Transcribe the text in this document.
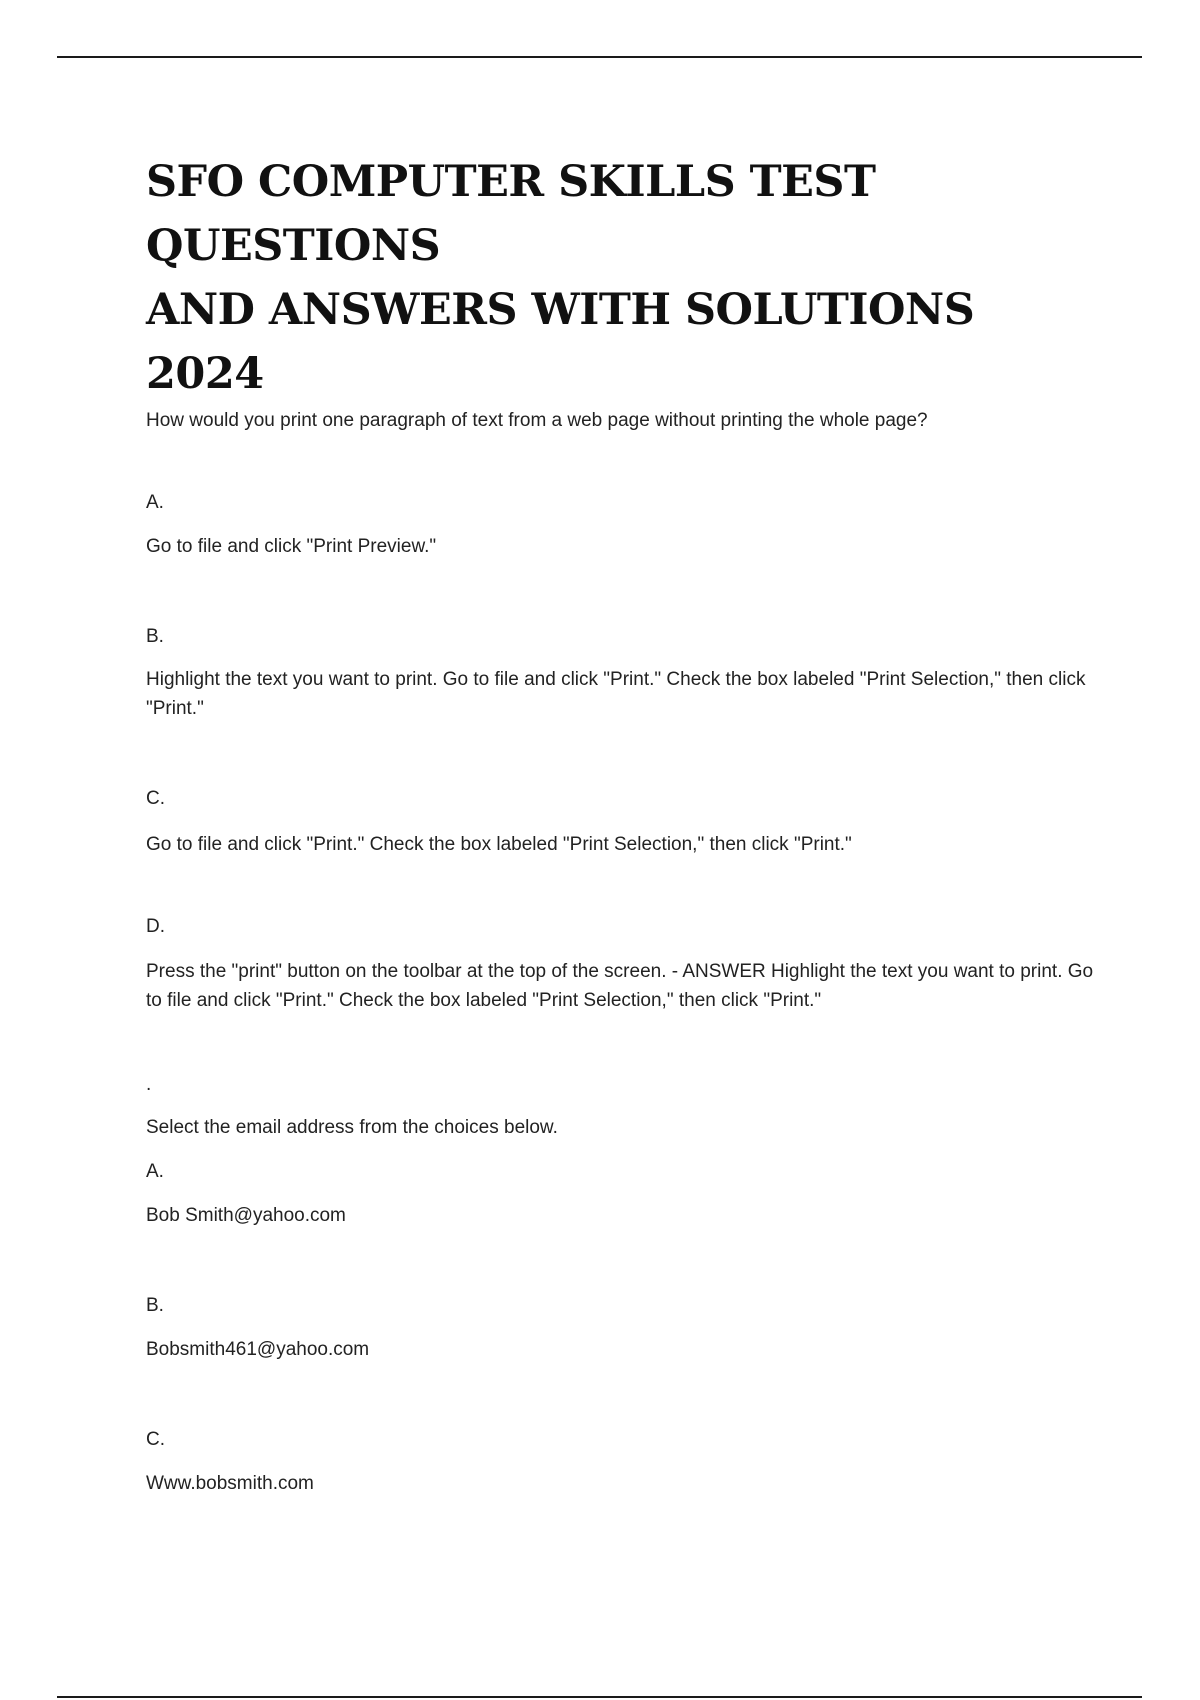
SFO COMPUTER SKILLS TEST QUESTIONS
AND ANSWERS WITH SOLUTIONS 2024

How would you print one paragraph of text from a web page without printing the whole page?

A.

Go to file and click "Print Preview."

B.

Highlight the text you want to print. Go to file and click "Print." Check the box labeled "Print Selection," then click "Print."

C.

Go to file and click "Print." Check the box labeled "Print Selection," then click "Print."

D.

Press the "print" button on the toolbar at the top of the screen. - ANSWER Highlight the text you want to print. Go to file and click "Print." Check the box labeled "Print Selection," then click "Print."

.

Select the email address from the choices below.

A.

Bob Smith@yahoo.com

B.

Bobsmith461@yahoo.com

C.

Www.bobsmith.com
